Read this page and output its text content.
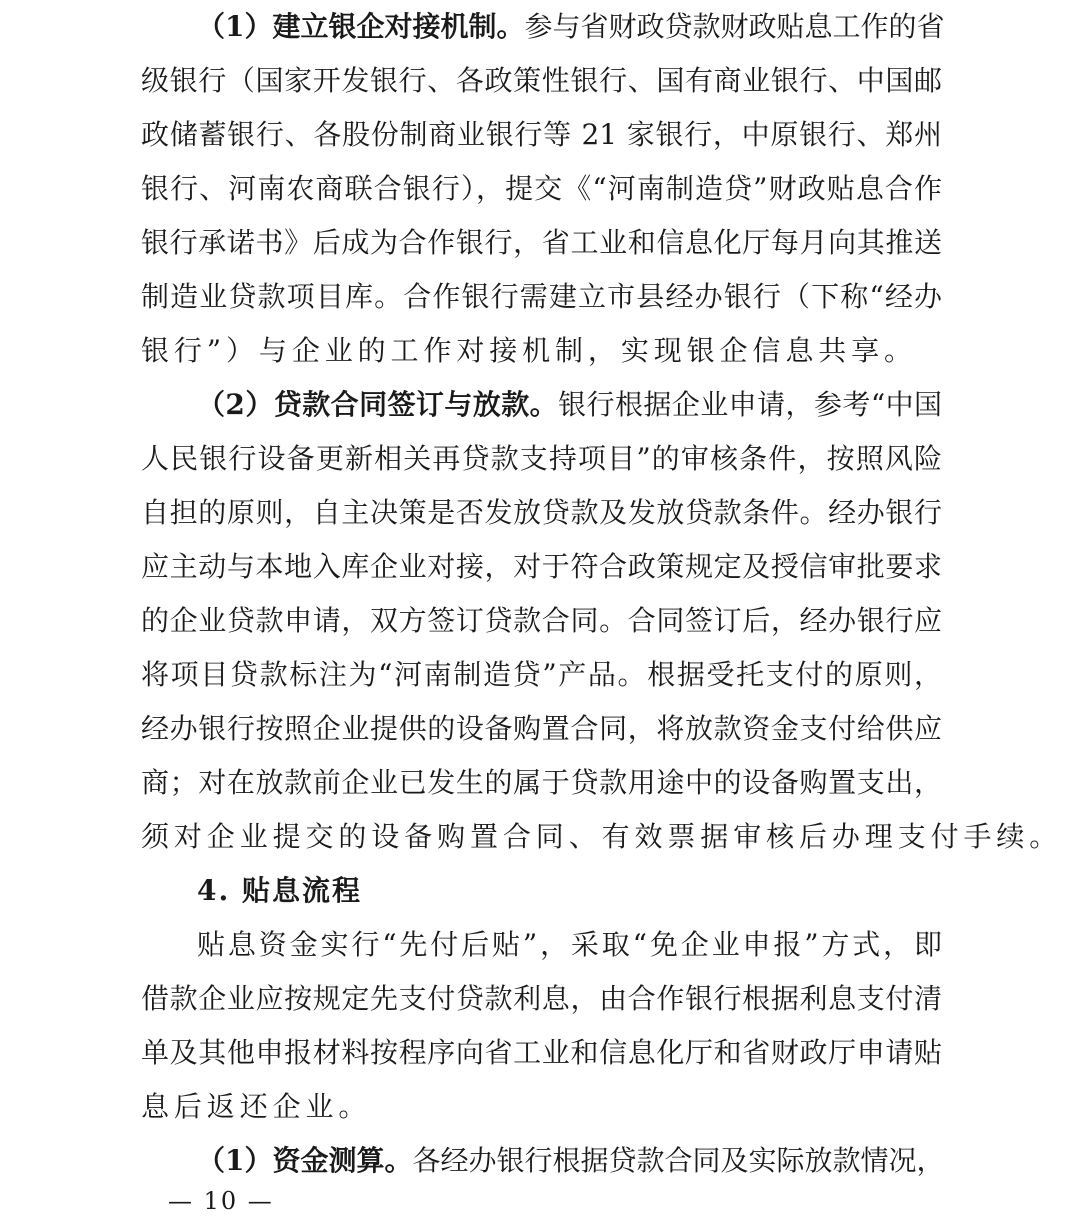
（1）建立银企对接机制。参与省财政贷款财政贴息工作的省
级银行（国家开发银行、各政策性银行、国有商业银行、中国邮
政储蓄银行、各股份制商业银行等 21 家银行，中原银行、郑州
银行、河南农商联合银行），提交《“河南制造贷”财政贴息合作
银行承诺书》后成为合作银行，省工业和信息化厅每月向其推送
制造业贷款项目库。合作银行需建立市县经办银行（下称“经办
银行”）与企业的工作对接机制，实现银企信息共享。
（2）贷款合同签订与放款。银行根据企业申请，参考“中国
人民银行设备更新相关再贷款支持项目”的审核条件，按照风险
自担的原则，自主决策是否发放贷款及发放贷款条件。经办银行
应主动与本地入库企业对接，对于符合政策规定及授信审批要求
的企业贷款申请，双方签订贷款合同。合同签订后，经办银行应
将项目贷款标注为“河南制造贷”产品。根据受托支付的原则，
经办银行按照企业提供的设备购置合同，将放款资金支付给供应
商；对在放款前企业已发生的属于贷款用途中的设备购置支出，
须对企业提交的设备购置合同、有效票据审核后办理支付手续。
4. 贴息流程
贴息资金实行“先付后贴”，采取“免企业申报”方式，即
借款企业应按规定先支付贷款利息，由合作银行根据利息支付清
单及其他申报材料按程序向省工业和信息化厅和省财政厅申请贴
息后返还企业。
（1）资金测算。各经办银行根据贷款合同及实际放款情况，
— 10 —
